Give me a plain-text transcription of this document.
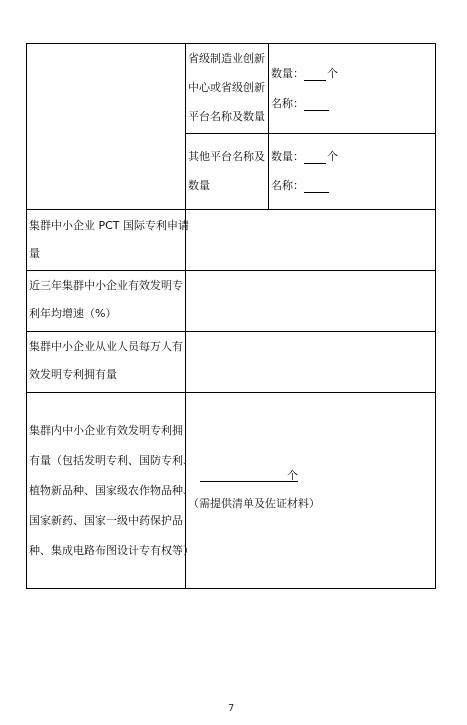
省级制造业创新
中心或省级创新
平台名称及数量
数量： 个
名称：
其他平台名称及
数量
数量： 个
名称：
集群中小企业 PCT 国际专利申请
量
近三年集群中小企业有效发明专
利年均增速（%）
集群中小企业从业人员每万人有
效发明专利拥有量
集群内中小企业有效发明专利拥
有量（包括发明专利、国防专利、
植物新品种、国家级农作物品种、
国家新药、国家一级中药保护品
种、集成电路布图设计专有权等）
个
（需提供清单及佐证材料）
7
